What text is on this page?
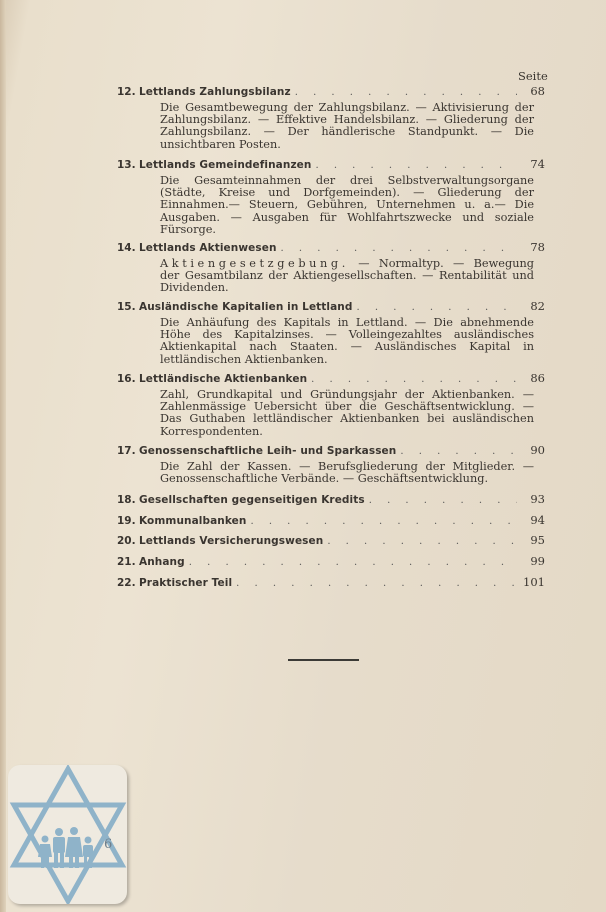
Seite
12. Lettlands Zahlungsbilanz . . .	68
Die Gesamtbewegung der Zahlungsbilanz. — Aktivisierung der Zahlungsbilanz. — Effektive Handelsbilanz. — Gliederung der Zahlungsbilanz. — Der händlerische Standpunkt. — Die unsichtbaren Posten.
13. Lettlands Gemeindefinanzen . . .	74
Die Gesamteinnahmen der drei Selbstverwaltungsorgane (Städte, Kreise und Dorfgemeinden). — Gliederung der Einnahmen.— Steuern, Gebühren, Unternehmen u. a.— Die Ausgaben. — Ausgaben für Wohlfahrtszwecke und soziale Fürsorge.
14. Lettlands Aktienwesen . . .	78
Aktiengesetzgebung. — Normaltyp. — Bewegung der Gesamtbilanz der Aktiengesellschaften. — Rentabilität und Dividenden.
15. Ausländische Kapitalien in Lettland . . .	82
Die Anhäufung des Kapitals in Lettland. — Die abnehmende Höhe des Kapitalzinses. — Volleingezahltes ausländisches Aktienkapital nach Staaten. — Ausländisches Kapital in lettländischen Aktienbanken.
16. Lettländische Aktienbanken . . .	86
Zahl, Grundkapital und Gründungsjahr der Aktienbanken. — Zahlenmässige Uebersicht über die Geschäftsentwicklung. — Das Guthaben lettländischer Aktienbanken bei ausländischen Korrespondenten.
17. Genossenschaftliche Leih- und Sparkassen . . .	90
Die Zahl der Kassen. — Berufsgliederung der Mitglieder. — Genossenschaftliche Verbände. — Geschäftsentwicklung.
18. Gesellschaften gegenseitigen Kredits . . .	93
19. Kommunalbanken . . .	94
20. Lettlands Versicherungswesen . . .	95
21. Anhang . . .	99
22. Praktischer Teil . . .	101
6
